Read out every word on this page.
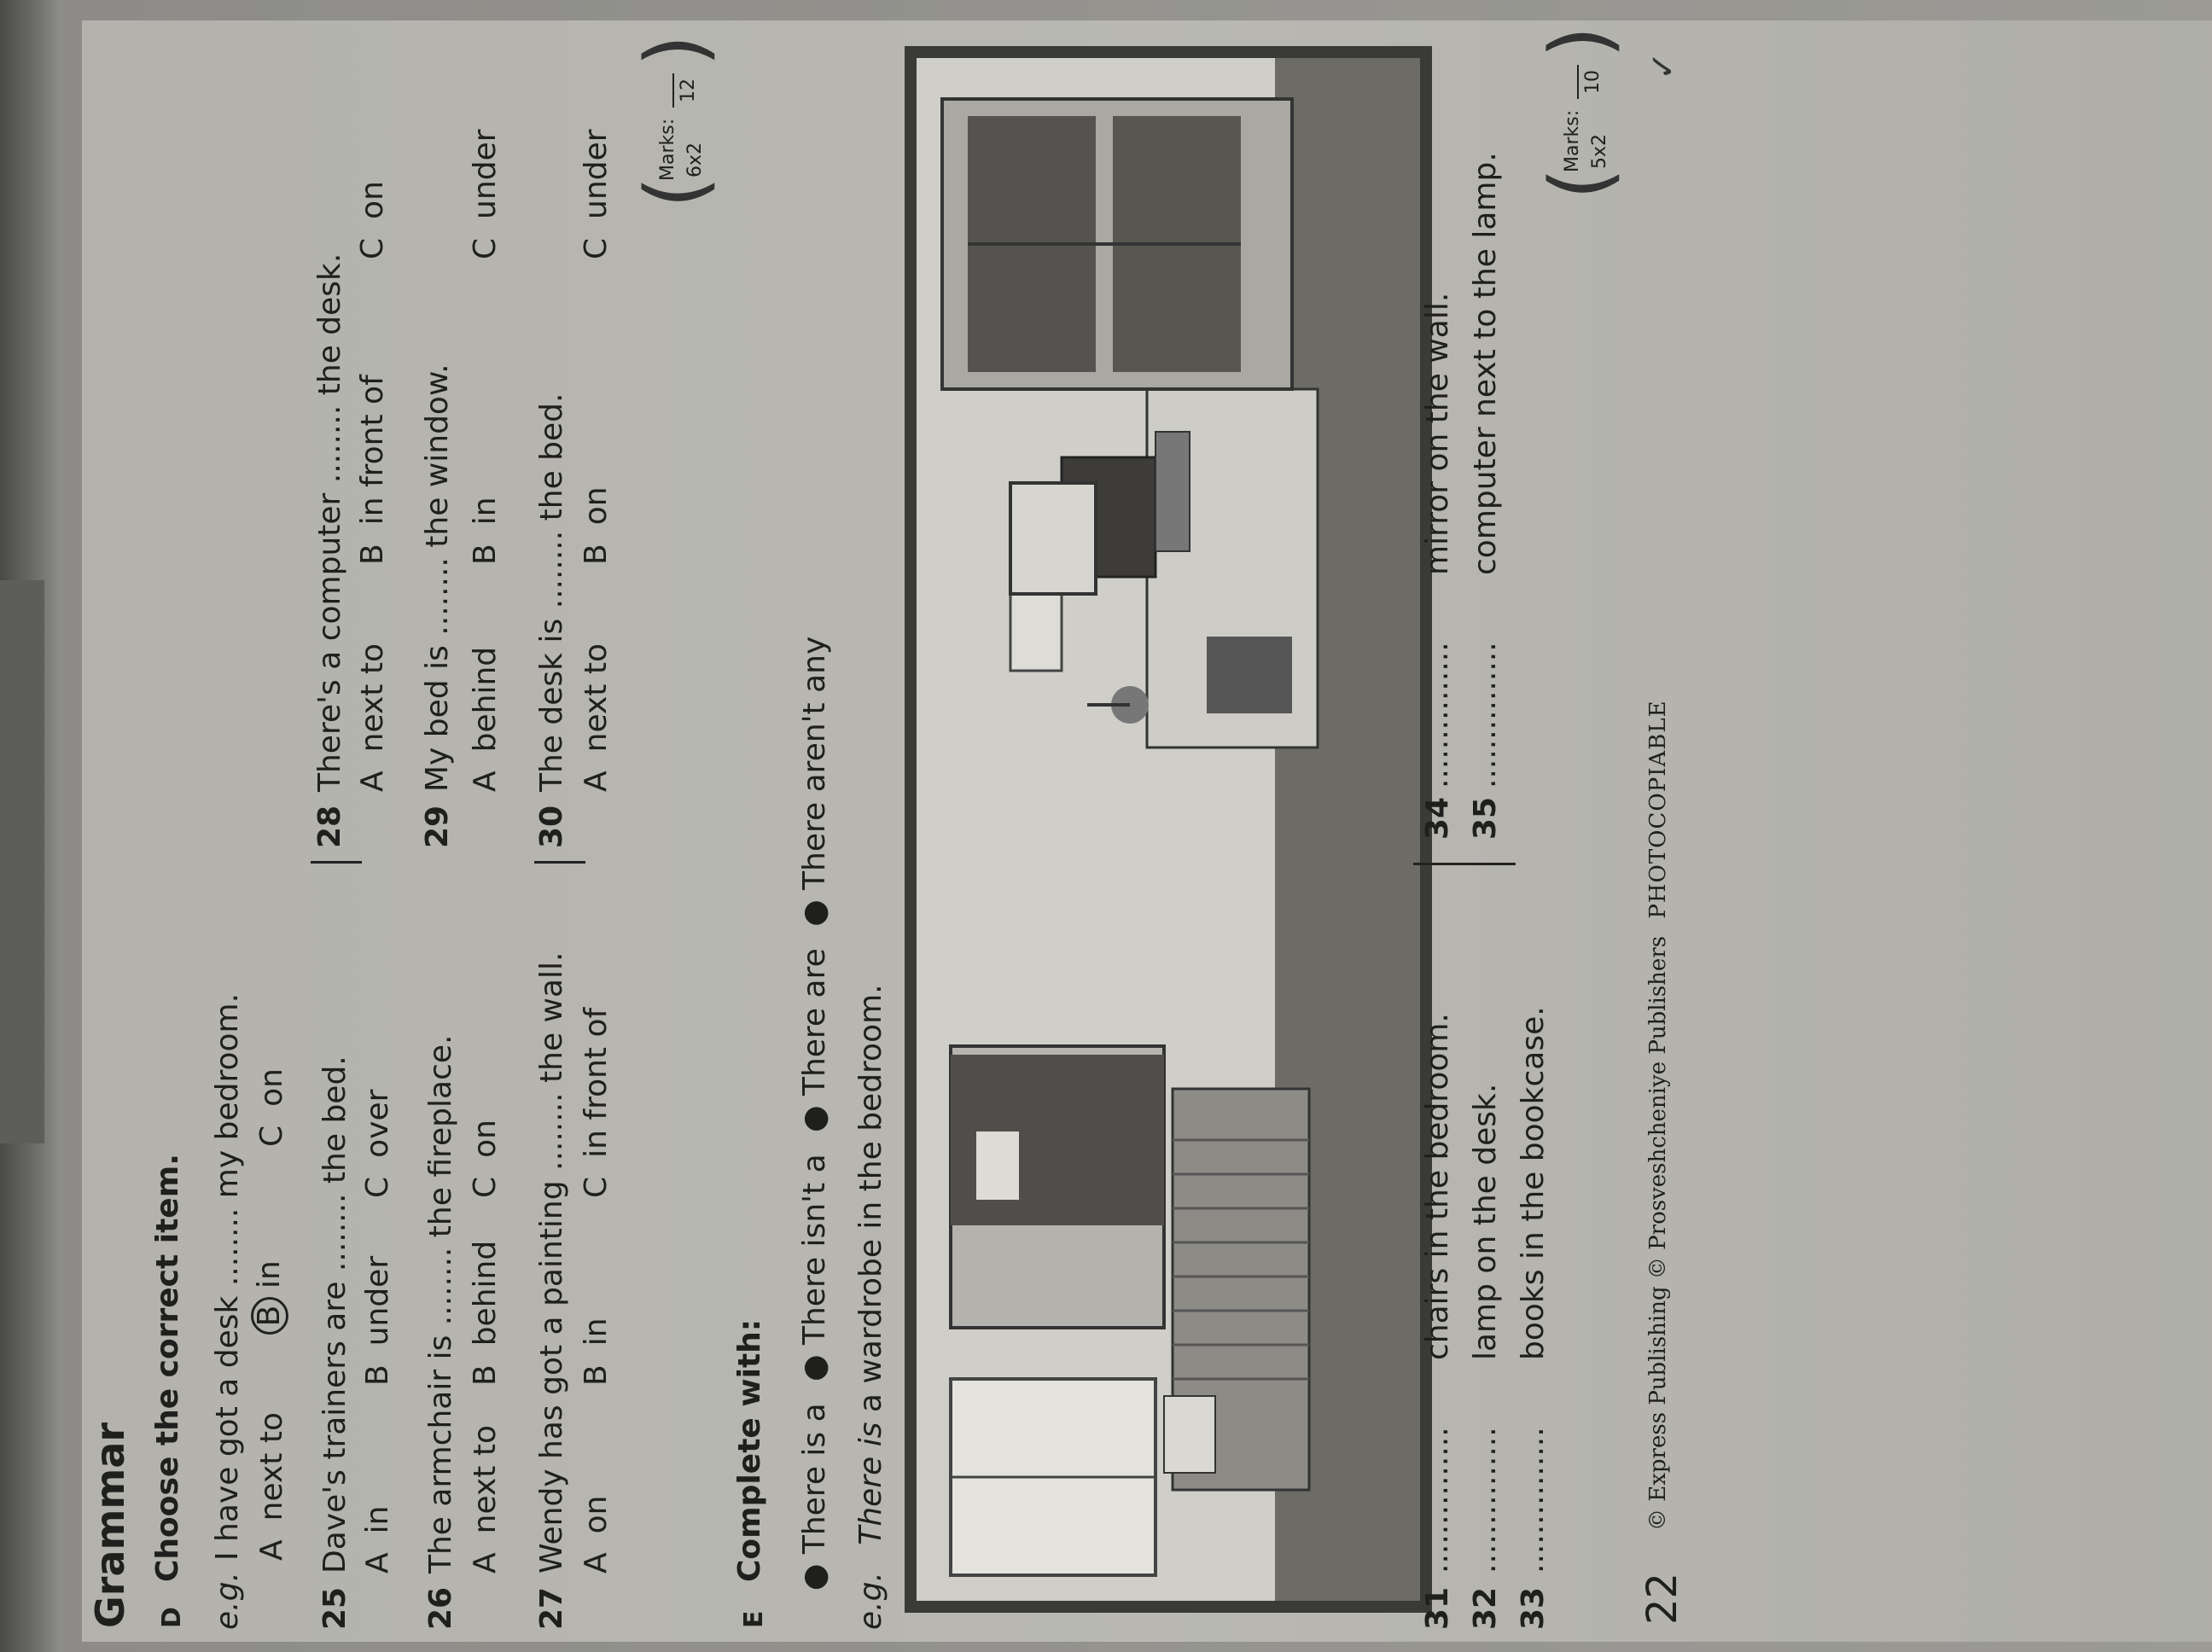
Grammar D
Choose the correct item.
e.g.
I have got a desk ........ my bedroom. Anext to
Bin
Con
25
Dave's trainers are ........ the bed. Ain
Bunder
Cover
26
The armchair is ........ the fireplace. Anext to
Bbehind
Con
27
Wendy has got a painting ........ the wall. Aon
Bin
Cin front of
28
There's a computer ........ the desk. Anext to
Bin front of
Con
29
My bed is ........ the window. Abehind
Bin
Cunder
30
The desk is ........ the bed. Anext to
Bon
Cunder (
Marks: 6x2
12
)
E
Complete with: ● There is a ● There isn't a ● There are ● There aren't any
e.g. There is a wardrobe in the bedroom.
31
...............
chairs in the bedroom.
32
...............
lamp on the desk.
33
...............
books in the bookcase.
34
...............
mirror on the wall.
35
...............
computer next to the lamp. (
Marks: 5x2
10
)
✓
22
© Express Publishing © Prosveshcheniye Publishers PHOTOCOPIABLE
